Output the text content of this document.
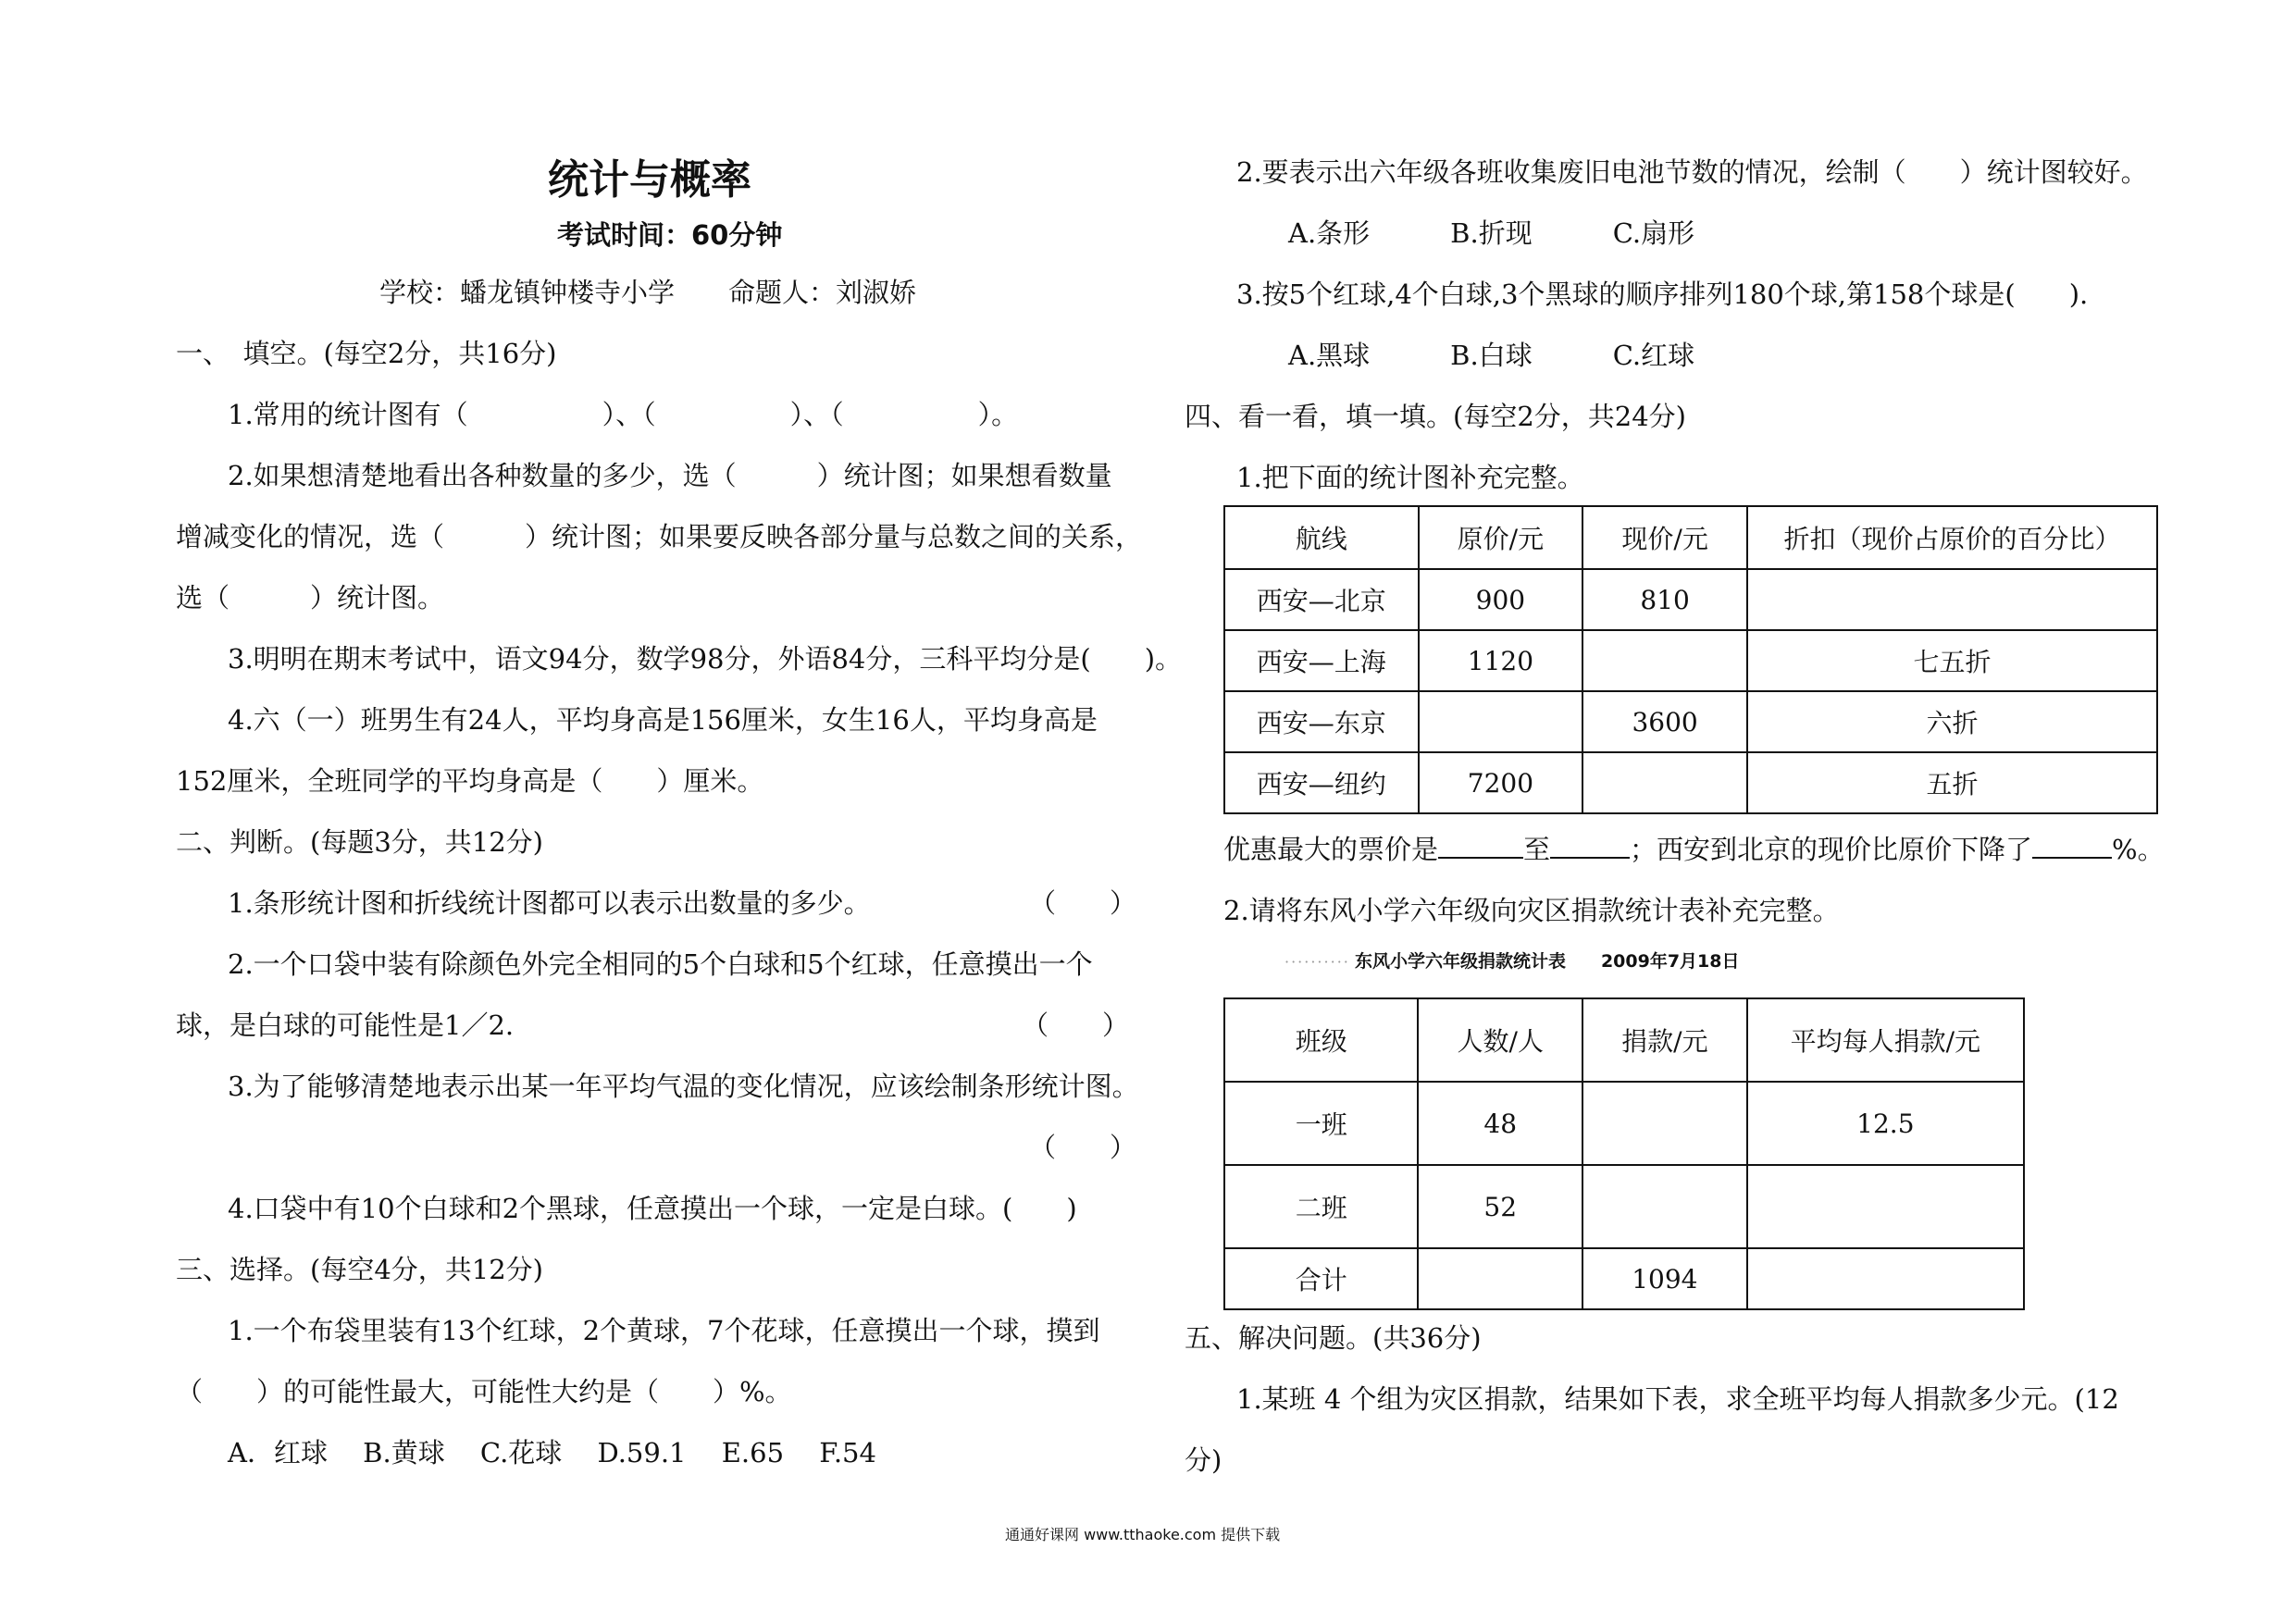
统计与概率
考试时间：60分钟
学校：蟠龙镇钟楼寺小学　　命题人：刘淑娇
一、　填空。(每空2分，共16分)
1.常用的统计图有（　　　　　）、（　　　　　）、（　　　　　）。
2.如果想清楚地看出各种数量的多少，选（　　　）统计图；如果想看数量
增减变化的情况，选（　　　）统计图；如果要反映各部分量与总数之间的关系，
选（　　　）统计图。
3.明明在期末考试中，语文94分，数学98分，外语84分，三科平均分是(　　)。
4.六（一）班男生有24人，平均身高是156厘米，女生16人，平均身高是
152厘米，全班同学的平均身高是（　　）厘米。
二、判断。(每题3分，共12分)
1.条形统计图和折线统计图都可以表示出数量的多少。	（　　）
2.一个口袋中装有除颜色外完全相同的5个白球和5个红球，任意摸出一个
球，是白球的可能性是1／2.	（　　）
3.为了能够清楚地表示出某一年平均气温的变化情况，应该绘制条形统计图。
（　　）
4.口袋中有10个白球和2个黑球，任意摸出一个球，一定是白球。(　　)
三、选择。(每空4分，共12分)
1.一个布袋里装有13个红球，2个黄球，7个花球，任意摸出一个球，摸到
（　　）的可能性最大，可能性大约是（　　）%。
A．红球　 B.黄球　 C.花球　 D.59.1　 E.65　 F.54
2.要表示出六年级各班收集废旧电池节数的情况，绘制（　　）统计图较好。
A.条形　　　B.折现　　　C.扇形
3.按5个红球,4个白球,3个黑球的顺序排列180个球,第158个球是(　　).
A.黑球　　　B.白球　　　C.红球
四、看一看，填一填。(每空2分，共24分)
1.把下面的统计图补充完整。
航线	原价/元	现价/元	折扣（现价占原价的百分比）
西安—北京	900	810	
西安—上海	1120		七五折
西安—东京		3600	六折
西安—纽约	7200		五折
优惠最大的票价是	至	；西安到北京的现价比原价下降了	%。
2.请将东风小学六年级向灾区捐款统计表补充完整。
·········· 东风小学六年级捐款统计表　　2009年7月18日
班级	人数/人	捐款/元	平均每人捐款/元
一班	48		12.5
二班	52		
合计		1094	
五、解决问题。(共36分)
1.某班 4 个组为灾区捐款，结果如下表，求全班平均每人捐款多少元。(12
分)
通通好课网 www.tthaoke.com 提供下载
